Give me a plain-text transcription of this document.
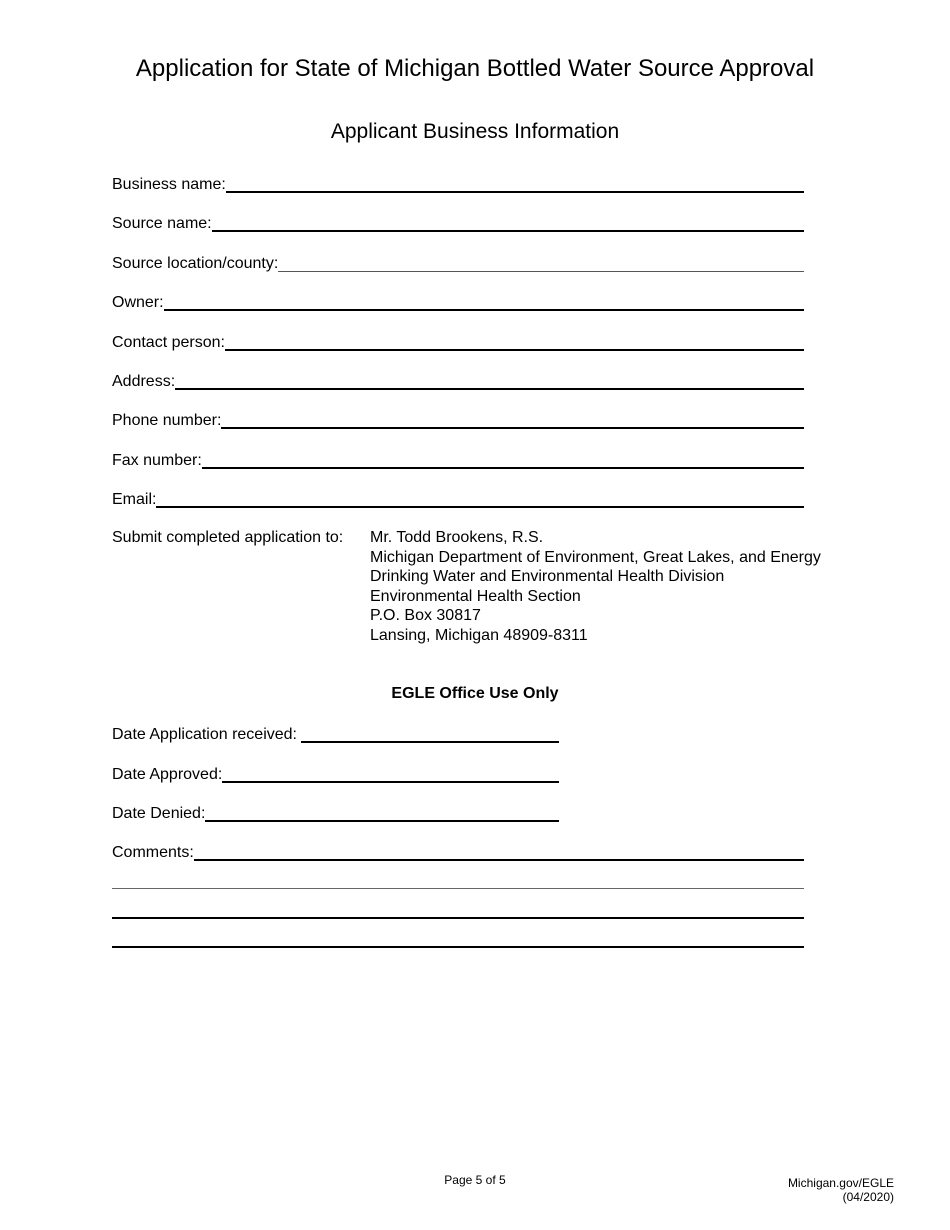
Application for State of Michigan Bottled Water Source Approval
Applicant Business Information
Business name:
Source name:
Source location/county:
Owner:
Contact person:
Address:
Phone number:
Fax number:
Email:
Submit completed application to:	Mr. Todd Brookens, R.S.
Michigan Department of Environment, Great Lakes, and Energy
Drinking Water and Environmental Health Division
Environmental Health Section
P.O. Box 30817
Lansing, Michigan 48909-8311
EGLE Office Use Only
Date Application received:
Date Approved:
Date Denied:
Comments:
Page 5 of 5	Michigan.gov/EGLE
(04/2020)
